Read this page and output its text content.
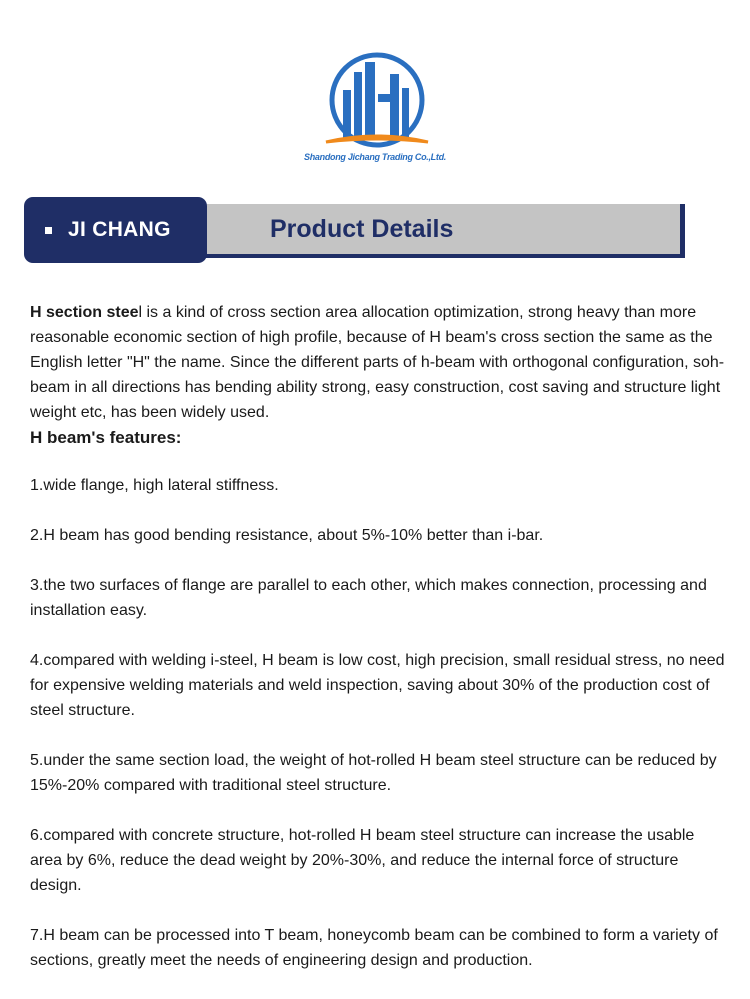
Shandong Jichang Trading Co.,Ltd.
Product Details
JI CHANG

H section steel is a kind of cross section area allocation optimization, strong heavy than more reasonable economic section of high profile, because of H beam's cross section the same as the English letter "H" the name. Since the different parts of h-beam with orthogonal configuration, soh-beam in all directions has bending ability strong, easy construction, cost saving and structure light weight etc, has been widely used.

H beam's features:

1.wide flange, high lateral stiffness.

2.H beam has good bending resistance, about 5%-10% better than i-bar.

3.the two surfaces of flange are parallel to each other, which makes connection, processing and installation easy.

4.compared with welding i-steel, H beam is low cost, high precision, small residual stress, no need for expensive welding materials and weld inspection, saving about 30% of the production cost of steel structure.

5.under the same section load, the weight of hot-rolled H beam steel structure can be reduced by 15%-20% compared with traditional steel structure.

6.compared with concrete structure, hot-rolled H beam steel structure can increase the usable area by 6%, reduce the dead weight by 20%-30%, and reduce the internal force of structure design.

7.H beam can be processed into T beam, honeycomb beam can be combined to form a variety of sections, greatly meet the needs of engineering design and production.
